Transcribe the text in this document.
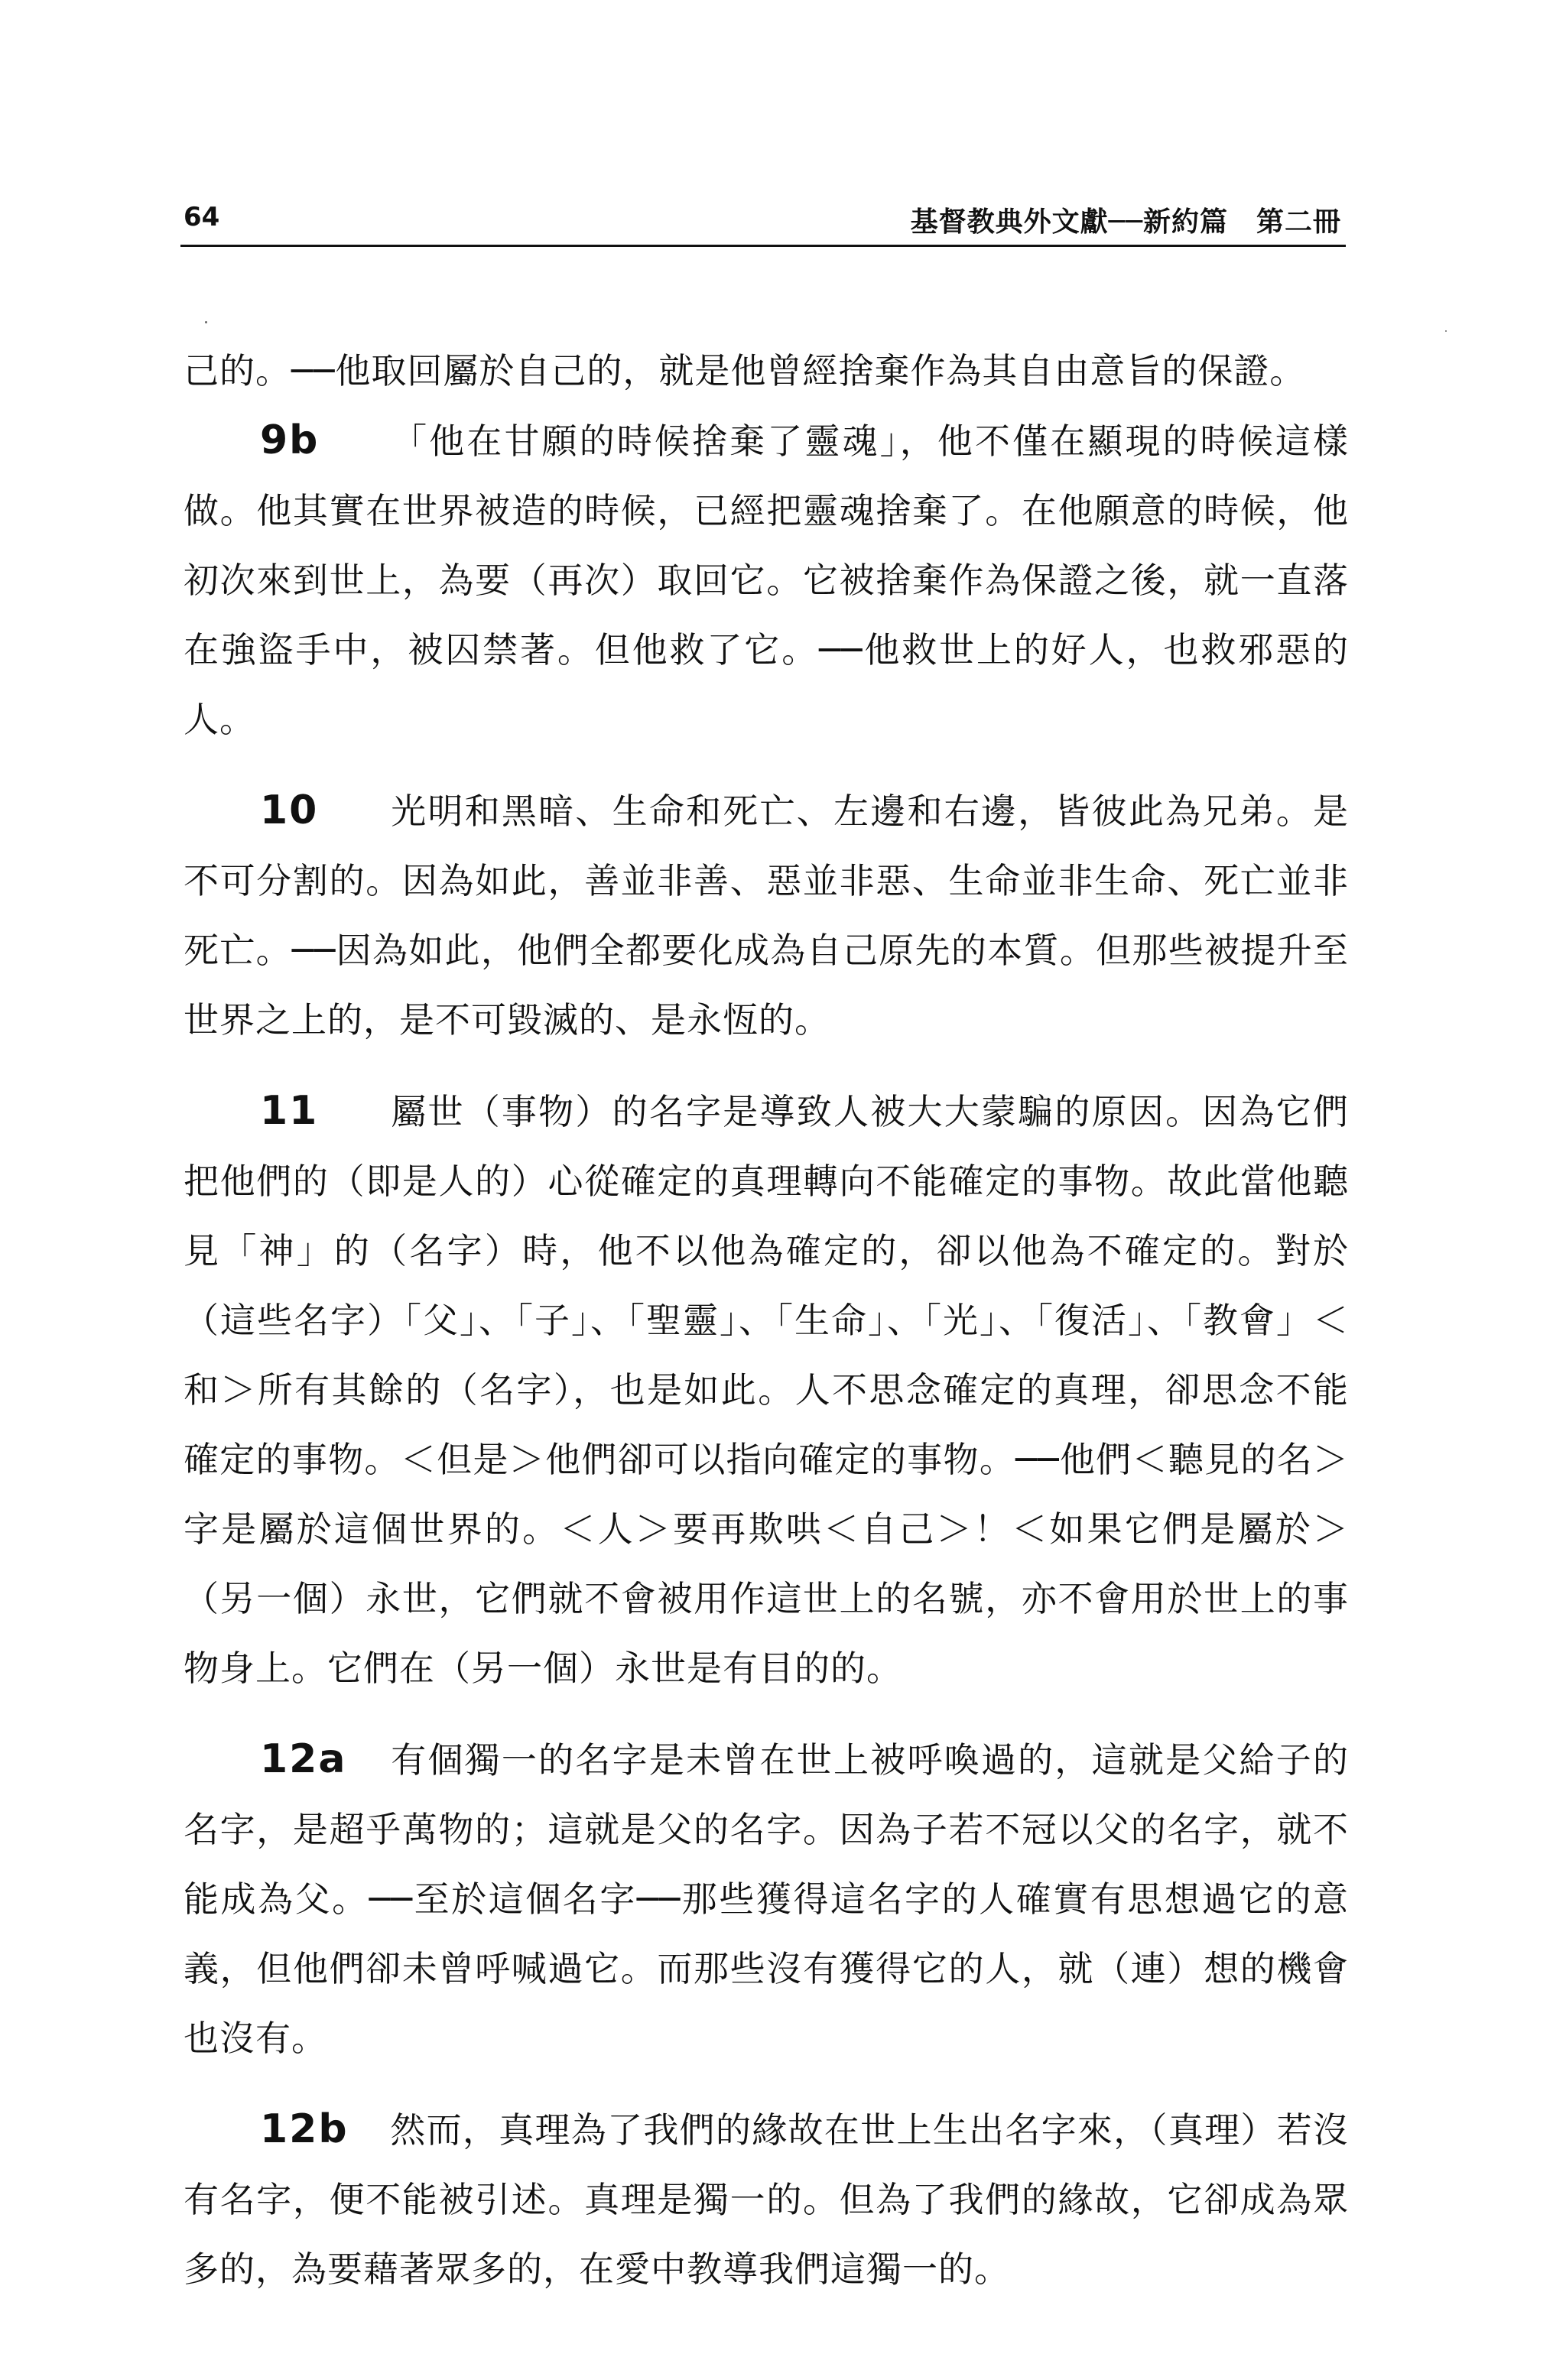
64	基督教典外文獻──新約篇　第二冊

己的。──他取回屬於自己的，就是他曾經捨棄作為其自由意旨的保證。

9b 「他在甘願的時候捨棄了靈魂」，他不僅在顯現的時候這樣做。他其實在世界被造的時候，已經把靈魂捨棄了。在他願意的時候，他初次來到世上，為要（再次）取回它。它被捨棄作為保證之後，就一直落在強盜手中，被囚禁著。但他救了它。──他救世上的好人，也救邪惡的人。

10 光明和黑暗、生命和死亡、左邊和右邊，皆彼此為兄弟。是不可分割的。因為如此，善並非善、惡並非惡、生命並非生命、死亡並非死亡。──因為如此，他們全都要化成為自己原先的本質。但那些被提升至世界之上的，是不可毀滅的、是永恆的。

11 屬世（事物）的名字是導致人被大大蒙騙的原因。因為它們把他們的（即是人的）心從確定的真理轉向不能確定的事物。故此當他聽見「神」的（名字）時，他不以他為確定的，卻以他為不確定的。對於（這些名字）「父」、「子」、「聖靈」、「生命」、「光」、「復活」、「教會」＜和＞所有其餘的（名字），也是如此。人不思念確定的真理，卻思念不能確定的事物。＜但是＞他們卻可以指向確定的事物。──他們＜聽見的名＞字是屬於這個世界的。＜人＞要再欺哄＜自己＞！＜如果它們是屬於＞（另一個）永世，它們就不會被用作這世上的名號，亦不會用於世上的事物身上。它們在（另一個）永世是有目的的。

12a 有個獨一的名字是未曾在世上被呼喚過的，這就是父給子的名字，是超乎萬物的；這就是父的名字。因為子若不冠以父的名字，就不能成為父。──至於這個名字──那些獲得這名字的人確實有思想過它的意義，但他們卻未曾呼喊過它。而那些沒有獲得它的人，就（連）想的機會也沒有。

12b 然而，真理為了我們的緣故在世上生出名字來，（真理）若沒有名字，便不能被引述。真理是獨一的。但為了我們的緣故，它卻成為眾多的，為要藉著眾多的，在愛中教導我們這獨一的。
